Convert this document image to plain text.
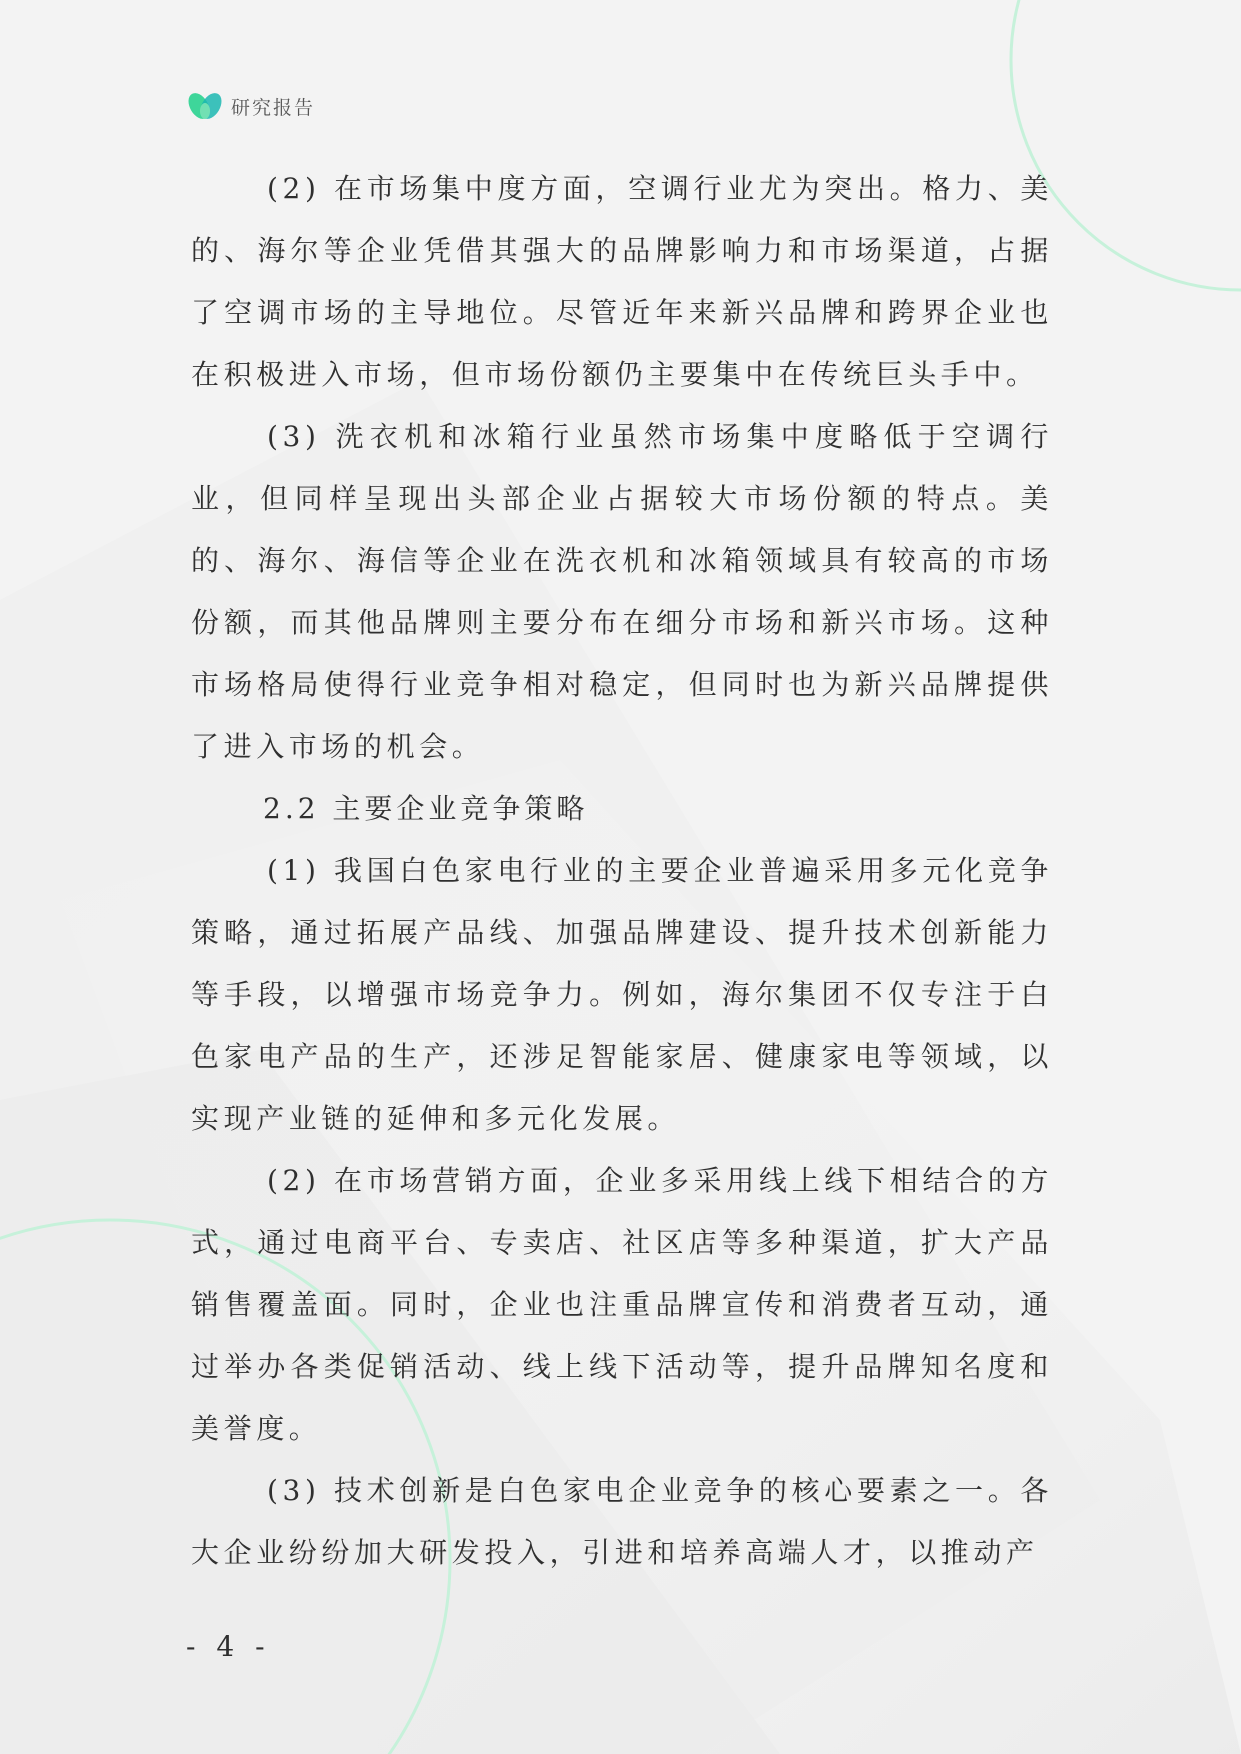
研究报告

(2) 在市场集中度方面，空调行业尤为突出。格力、美的、海尔等企业凭借其强大的品牌影响力和市场渠道，占据了空调市场的主导地位。尽管近年来新兴品牌和跨界企业也在积极进入市场，但市场份额仍主要集中在传统巨头手中。

(3) 洗衣机和冰箱行业虽然市场集中度略低于空调行业，但同样呈现出头部企业占据较大市场份额的特点。美的、海尔、海信等企业在洗衣机和冰箱领域具有较高的市场份额，而其他品牌则主要分布在细分市场和新兴市场。这种市场格局使得行业竞争相对稳定，但同时也为新兴品牌提供了进入市场的机会。

2.2 主要企业竞争策略

(1) 我国白色家电行业的主要企业普遍采用多元化竞争策略，通过拓展产品线、加强品牌建设、提升技术创新能力等手段，以增强市场竞争力。例如，海尔集团不仅专注于白色家电产品的生产，还涉足智能家居、健康家电等领域，以实现产业链的延伸和多元化发展。

(2) 在市场营销方面，企业多采用线上线下相结合的方式，通过电商平台、专卖店、社区店等多种渠道，扩大产品销售覆盖面。同时，企业也注重品牌宣传和消费者互动，通过举办各类促销活动、线上线下活动等，提升品牌知名度和美誉度。

(3) 技术创新是白色家电企业竞争的核心要素之一。各大企业纷纷加大研发投入，引进和培养高端人才，以推动产

- 4 -
